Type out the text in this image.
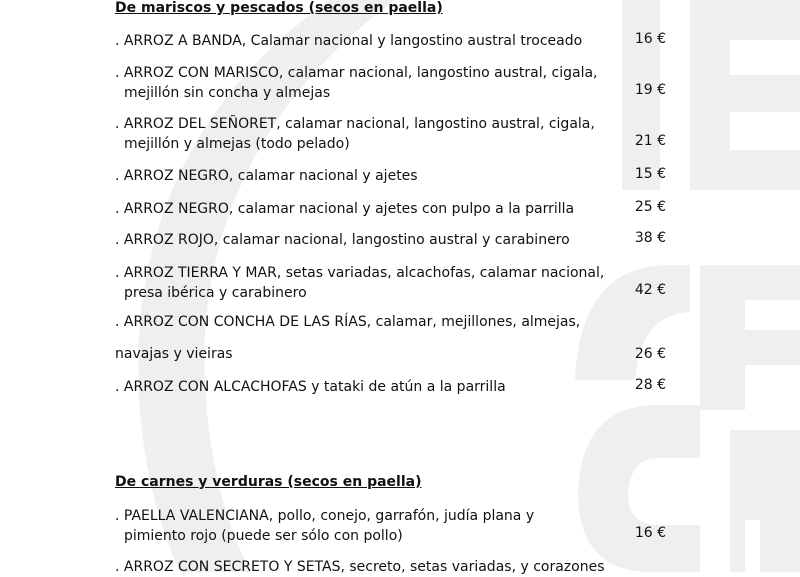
De mariscos y pescados (secos en paella)
. ARROZ A BANDA, Calamar nacional y langostino austral troceado	16 €
. ARROZ CON MARISCO, calamar nacional, langostino austral, cigala,
mejillón sin concha y almejas	19 €
. ARROZ DEL SEÑORET, calamar nacional, langostino austral, cigala,
mejillón y almejas (todo pelado)	21 €
. ARROZ NEGRO, calamar nacional y ajetes	15 €
. ARROZ NEGRO, calamar nacional y ajetes con pulpo a la parrilla	25 €
. ARROZ ROJO, calamar nacional, langostino austral y carabinero	38 €
. ARROZ TIERRA Y MAR, setas variadas, alcachofas, calamar nacional,
presa ibérica y carabinero	42 €
. ARROZ CON CONCHA DE LAS RÍAS, calamar, mejillones, almejas,
navajas y vieiras	26 €
. ARROZ CON ALCACHOFAS y tataki de atún a la parrilla	28 €
De carnes y verduras (secos en paella)
. PAELLA VALENCIANA, pollo, conejo, garrafón, judía plana y
pimiento rojo (puede ser sólo con pollo)	16 €
. ARROZ CON SECRETO Y SETAS, secreto, setas variadas, y corazones
